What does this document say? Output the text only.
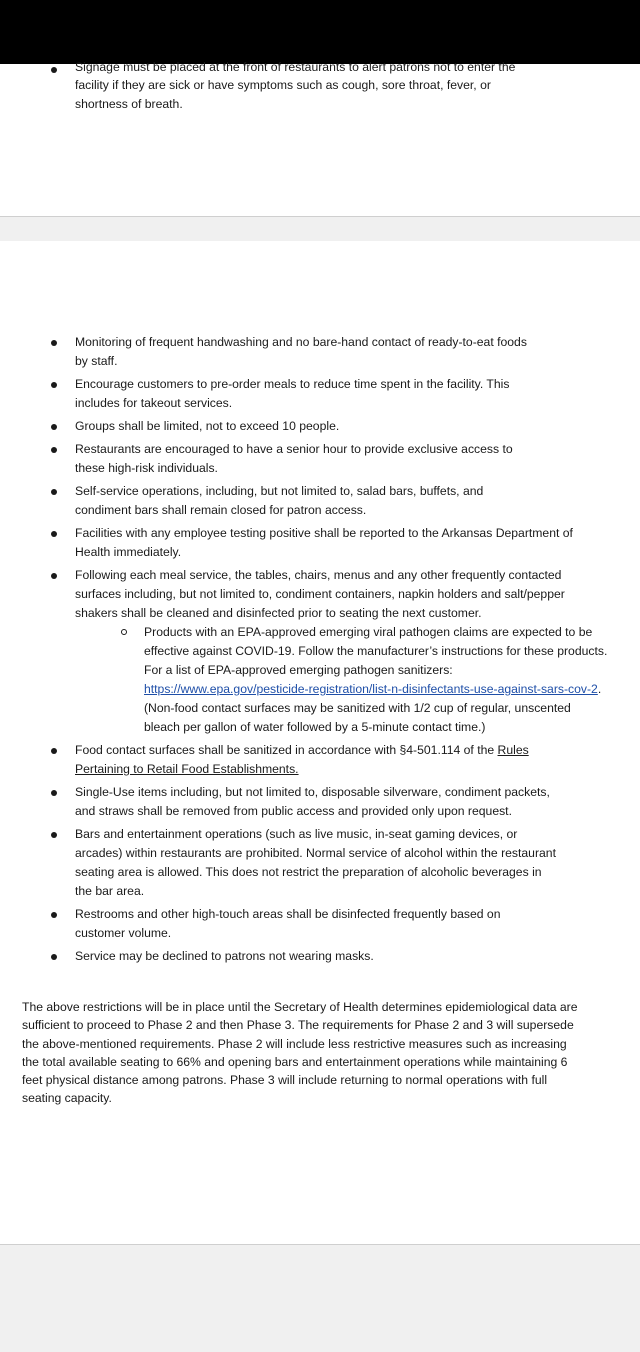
Signage must be placed at the front of restaurants to alert patrons not to enter the
facility if they are sick or have symptoms such as cough, sore throat, fever, or shortness of breath.
Monitoring of frequent handwashing and no bare-hand contact of ready-to-eat foods by staff.
Encourage customers to pre-order meals to reduce time spent in the facility. This includes for takeout services.
Groups shall be limited, not to exceed 10 people.
Restaurants are encouraged to have a senior hour to provide exclusive access to these high-risk individuals.
Self-service operations, including, but not limited to, salad bars, buffets, and condiment bars shall remain closed for patron access.
Facilities with any employee testing positive shall be reported to the Arkansas Department of Health immediately.
Following each meal service, the tables, chairs, menus and any other frequently contacted surfaces including, but not limited to, condiment containers, napkin holders and salt/pepper shakers shall be cleaned and disinfected prior to seating the next customer.
Products with an EPA-approved emerging viral pathogen claims are expected to be effective against COVID-19. Follow the manufacturer’s instructions for these products. For a list of EPA-approved emerging pathogen sanitizers: https://www.epa.gov/pesticide-registration/list-n-disinfectants-use-against-sars-cov-2. (Non-food contact surfaces may be sanitized with 1/2 cup of regular, unscented bleach per gallon of water followed by a 5-minute contact time.)
Food contact surfaces shall be sanitized in accordance with §4-501.114 of the Rules Pertaining to Retail Food Establishments.
Single-Use items including, but not limited to, disposable silverware, condiment packets, and straws shall be removed from public access and provided only upon request.
Bars and entertainment operations (such as live music, in-seat gaming devices, or arcades) within restaurants are prohibited. Normal service of alcohol within the restaurant seating area is allowed. This does not restrict the preparation of alcoholic beverages in the bar area.
Restrooms and other high-touch areas shall be disinfected frequently based on customer volume.
Service may be declined to patrons not wearing masks.

The above restrictions will be in place until the Secretary of Health determines epidemiological data are sufficient to proceed to Phase 2 and then Phase 3. The requirements for Phase 2 and 3 will supersede the above-mentioned requirements. Phase 2 will include less restrictive measures such as increasing the total available seating to 66% and opening bars and entertainment operations while maintaining 6 feet physical distance among patrons. Phase 3 will include returning to normal operations with full seating capacity.
